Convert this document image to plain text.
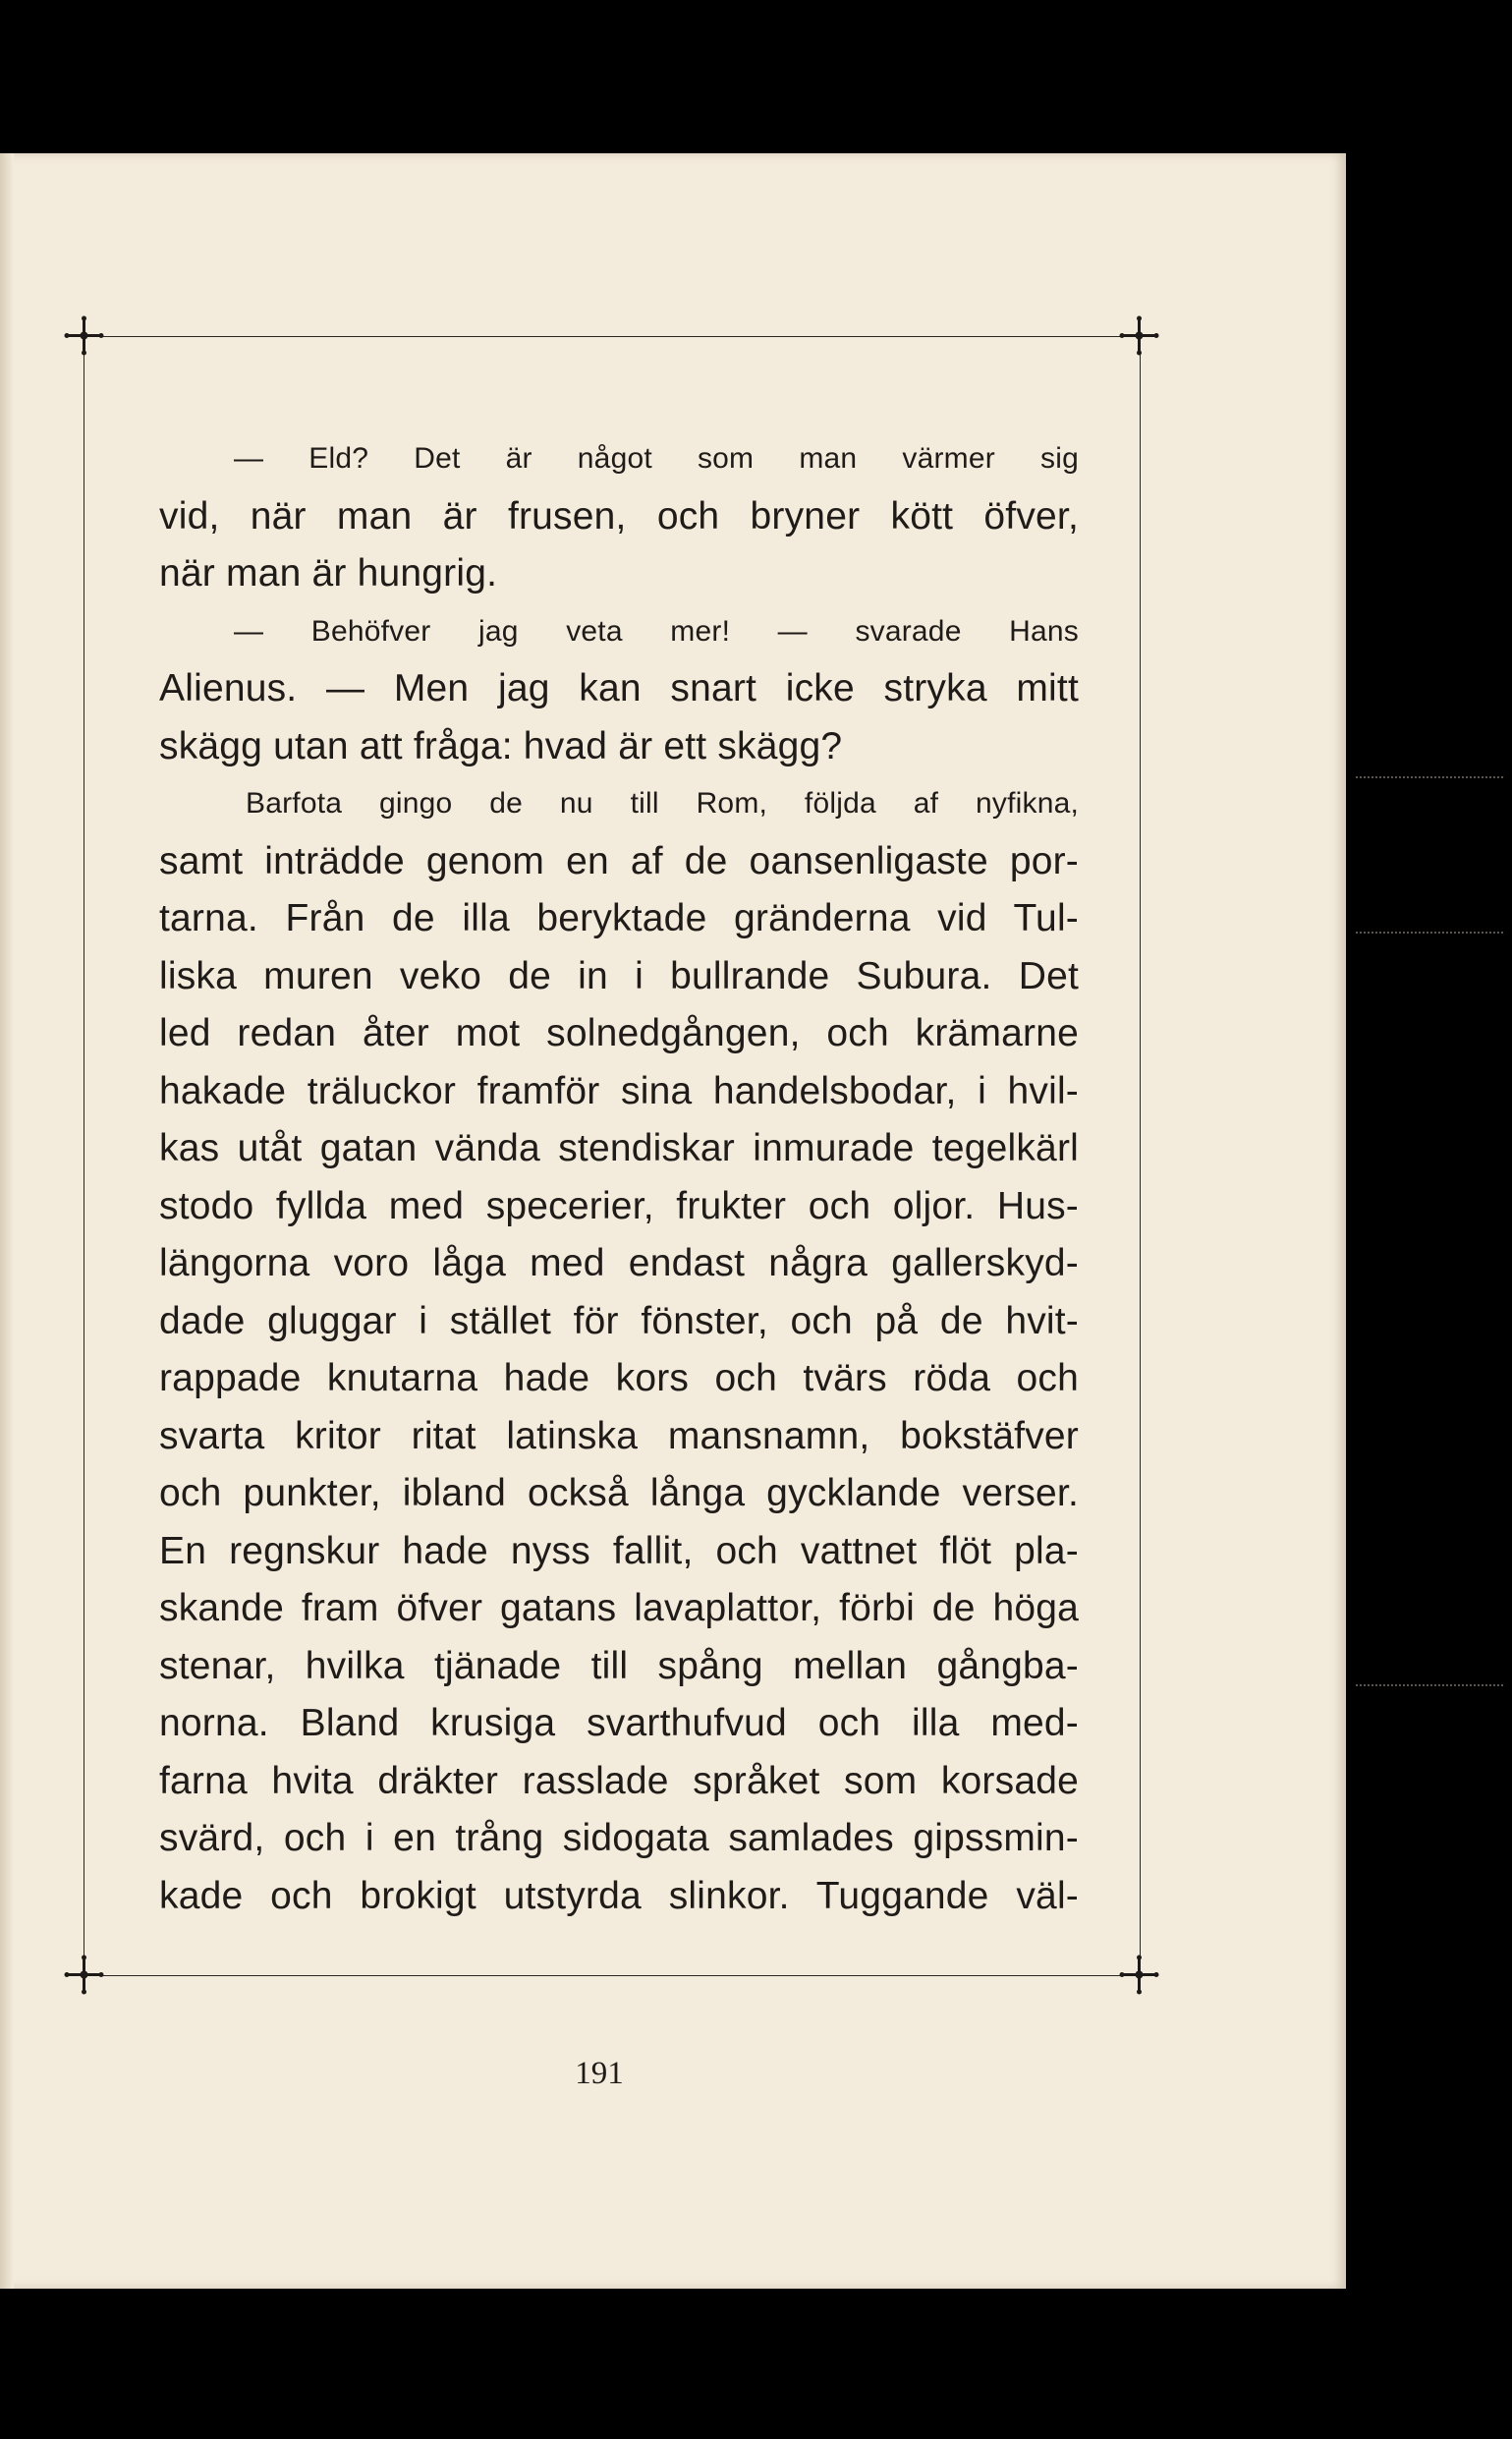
— Eld? Det är något som man värmer sig
vid, när man är frusen, och bryner kött öfver,
när man är hungrig.
— Behöfver jag veta mer! — svarade Hans
Alienus. — Men jag kan snart icke stryka mitt
skägg utan att fråga: hvad är ett skägg?
Barfota gingo de nu till Rom, följda af nyfikna,
samt inträdde genom en af de oansenligaste por-
tarna. Från de illa beryktade gränderna vid Tul-
liska muren veko de in i bullrande Subura. Det
led redan åter mot solnedgången, och krämarne
hakade träluckor framför sina handelsbodar, i hvil-
kas utåt gatan vända stendiskar inmurade tegelkärl
stodo fyllda med specerier, frukter och oljor. Hus-
längorna voro låga med endast några gallerskyd-
dade gluggar i stället för fönster, och på de hvit-
rappade knutarna hade kors och tvärs röda och
svarta kritor ritat latinska mansnamn, bokstäfver
och punkter, ibland också långa gycklande verser.
En regnskur hade nyss fallit, och vattnet flöt pla-
skande fram öfver gatans lavaplattor, förbi de höga
stenar, hvilka tjänade till spång mellan gångba-
norna. Bland krusiga svarthufvud och illa med-
farna hvita dräkter rasslade språket som korsade
svärd, och i en trång sidogata samlades gipssmin-
kade och brokigt utstyrda slinkor. Tuggande väl-
191
